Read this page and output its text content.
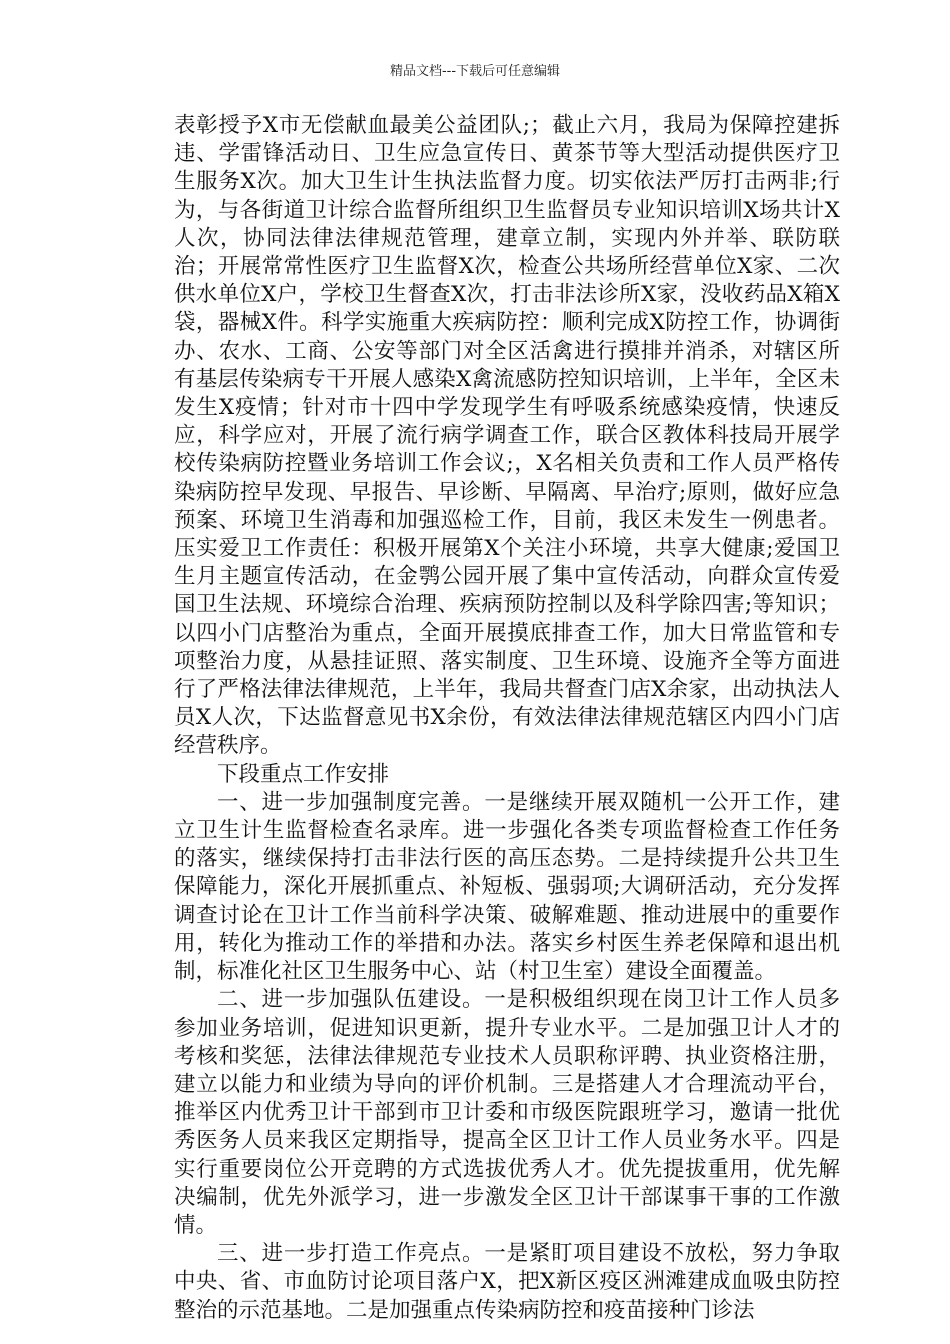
精品文档---下载后可任意编辑

表彰授予X市无偿献血最美公益团队;；截止六月，我局为保障控建拆违、学雷锋活动日、卫生应急宣传日、黄茶节等大型活动提供医疗卫生服务X次。加大卫生计生执法监督力度。切实依法严厉打击两非;行为，与各街道卫计综合监督所组织卫生监督员专业知识培训X场共计X人次，协同法律法律规范管理，建章立制，实现内外并举、联防联治；开展常常性医疗卫生监督X次，检查公共场所经营单位X家、二次供水单位X户，学校卫生督查X次，打击非法诊所X家，没收药品X箱X袋，器械X件。科学实施重大疾病防控：顺利完成X防控工作，协调街办、农水、工商、公安等部门对全区活禽进行摸排并消杀，对辖区所有基层传染病专干开展人感染X禽流感防控知识培训，上半年，全区未发生X疫情；针对市十四中学发现学生有呼吸系统感染疫情，快速反应，科学应对，开展了流行病学调查工作，联合区教体科技局开展学校传染病防控暨业务培训工作会议;，X名相关负责和工作人员严格传染病防控早发现、早报告、早诊断、早隔离、早治疗;原则，做好应急预案、环境卫生消毒和加强巡检工作，目前，我区未发生一例患者。压实爱卫工作责任：积极开展第X个关注小环境，共享大健康;爱国卫生月主题宣传活动，在金鹗公园开展了集中宣传活动，向群众宣传爱国卫生法规、环境综合治理、疾病预防控制以及科学除四害;等知识；以四小门店整治为重点，全面开展摸底排查工作，加大日常监管和专项整治力度，从悬挂证照、落实制度、卫生环境、设施齐全等方面进行了严格法律法律规范，上半年，我局共督查门店X余家，出动执法人员X人次，下达监督意见书X余份，有效法律法律规范辖区内四小门店经营秩序。

下段重点工作安排

一、进一步加强制度完善。一是继续开展双随机一公开工作，建立卫生计生监督检查名录库。进一步强化各类专项监督检查工作任务的落实，继续保持打击非法行医的高压态势。二是持续提升公共卫生保障能力，深化开展抓重点、补短板、强弱项;大调研活动，充分发挥调查讨论在卫计工作当前科学决策、破解难题、推动进展中的重要作用，转化为推动工作的举措和办法。落实乡村医生养老保障和退出机制，标准化社区卫生服务中心、站（村卫生室）建设全面覆盖。

二、进一步加强队伍建设。一是积极组织现在岗卫计工作人员多参加业务培训，促进知识更新，提升专业水平。二是加强卫计人才的考核和奖惩，法律法律规范专业技术人员职称评聘、执业资格注册，建立以能力和业绩为导向的评价机制。三是搭建人才合理流动平台，推举区内优秀卫计干部到市卫计委和市级医院跟班学习，邀请一批优秀医务人员来我区定期指导，提高全区卫计工作人员业务水平。四是实行重要岗位公开竞聘的方式选拔优秀人才。优先提拔重用，优先解决编制，优先外派学习，进一步激发全区卫计干部谋事干事的工作激情。

三、进一步打造工作亮点。一是紧盯项目建设不放松，努力争取中央、省、市血防讨论项目落户X，把X新区疫区洲滩建成血吸虫防控整治的示范基地。二是加强重点传染病防控和疫苗接种门诊法
